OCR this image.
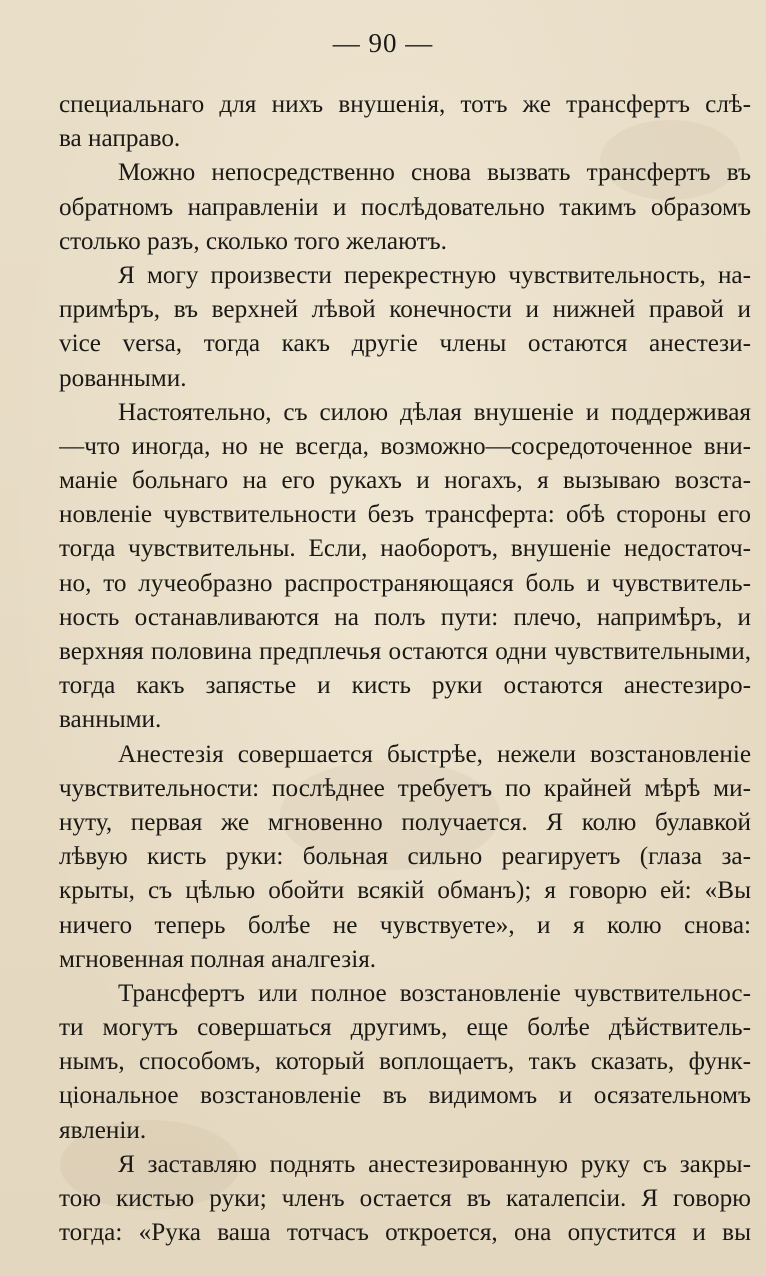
— 90 —
специальнаго для нихъ внушенія, тотъ же трансфертъ слѣ-
ва направо.
Можно непосредственно снова вызвать трансфертъ въ
обратномъ направленіи и послѣдовательно такимъ образомъ
столько разъ, сколько того желаютъ.
Я могу произвести перекрестную чувствительность, на-
примѣръ, въ верхней лѣвой конечности и нижней правой и
vice versa, тогда какъ другіе члены остаются анестези-
рованными.
Настоятельно, съ силою дѣлая внушеніе и поддерживая
—что иногда, но не всегда, возможно—сосредоточенное вни-
маніе больнаго на его рукахъ и ногахъ, я вызываю возста-
новленіе чувствительности безъ трансферта: обѣ стороны его
тогда чувствительны. Если, наоборотъ, внушеніе недостаточ-
но, то лучеобразно распространяющаяся боль и чувствитель-
ность останавливаются на полъ пути: плечо, напримѣръ, и
верхняя половина предплечья остаются одни чувствительными,
тогда какъ запястье и кисть руки остаются анестезиро-
ванными.
Анестезія совершается быстрѣе, нежели возстановленіе
чувствительности: послѣднее требуетъ по крайней мѣрѣ ми-
нуту, первая же мгновенно получается. Я колю булавкой
лѣвую кисть руки: больная сильно реагируетъ (глаза за-
крыты, съ цѣлью обойти всякій обманъ); я говорю ей: «Вы
ничего теперь болѣе не чувствуете», и я колю снова:
мгновенная полная аналгезія.
Трансфертъ или полное возстановленіе чувствительнос-
ти могутъ совершаться другимъ, еще болѣе дѣйствитель-
нымъ, способомъ, который воплощаетъ, такъ сказать, функ-
ціональное возстановленіе въ видимомъ и осязательномъ
явленіи.
Я заставляю поднять анестезированную руку съ закры-
тою кистью руки; членъ остается въ каталепсіи. Я говорю
тогда: «Рука ваша тотчасъ откроется, она опустится и вы
